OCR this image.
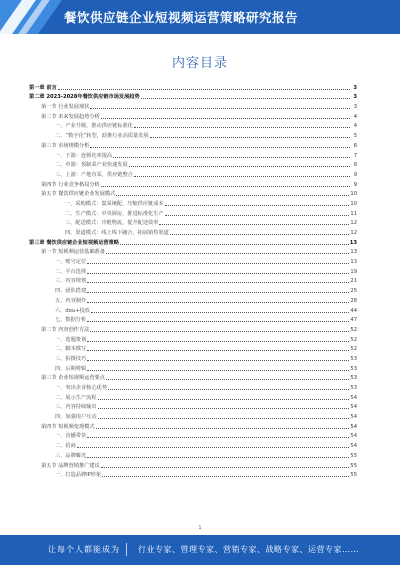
餐饮供应链企业短视频运营策略研究报告
内容目录
第一章 前言	3
第二章 2023-2028年餐饮供应链市场发展趋势	3
第一节 行业发展现状	3
第二节 未来发展趋势分析	4
一、产业升级，推动供应链标准化	4
二、“数字化”转型，助推行业高质量发展	5
第三节 市场规模分析	6
一、下游：连锁化率提高	7
二、中游：预制菜产业快速发展	8
三、上游：产地直采，供应链整合	9
第四节 行业竞争格局分析	9
第五节 餐饮供应链企业发展模式	10
一、采购模式：集采统配，压缩供应链成本	10
二、生产模式：中央厨房，推进标准化生产	11
三、配送模式：冷链物流，提升配送效率	12
四、渠道模式：线上线下融合，拓展销售渠道	12
第三章 餐饮供应链企业短视频运营策略	13
第一节 短视频运营基础准备	13
一、账号定位	13
二、平台选择	19
三、内容规划	21
四、团队搭建	25
五、内容制作	28
六、dou+投放	44
七、数据分析	47
第二节 内容创作方法	52
一、选题策划	52
二、脚本撰写	52
三、拍摄技巧	53
四、后期剪辑	53
第三节 企业短视频运营要点	53
一、突出企业核心优势	53
二、展示生产流程	54
三、内容持续输出	54
四、加强用户互动	54
第四节 短视频变现模式	54
一、直播带货	54
二、招商	54
三、品牌曝光	55
第五节 品牌营销推广建议	55
一、打造品牌IP形象	55
1
让每个人都能成为 行业专家、管理专家、营销专家、战略专家、运营专家……
